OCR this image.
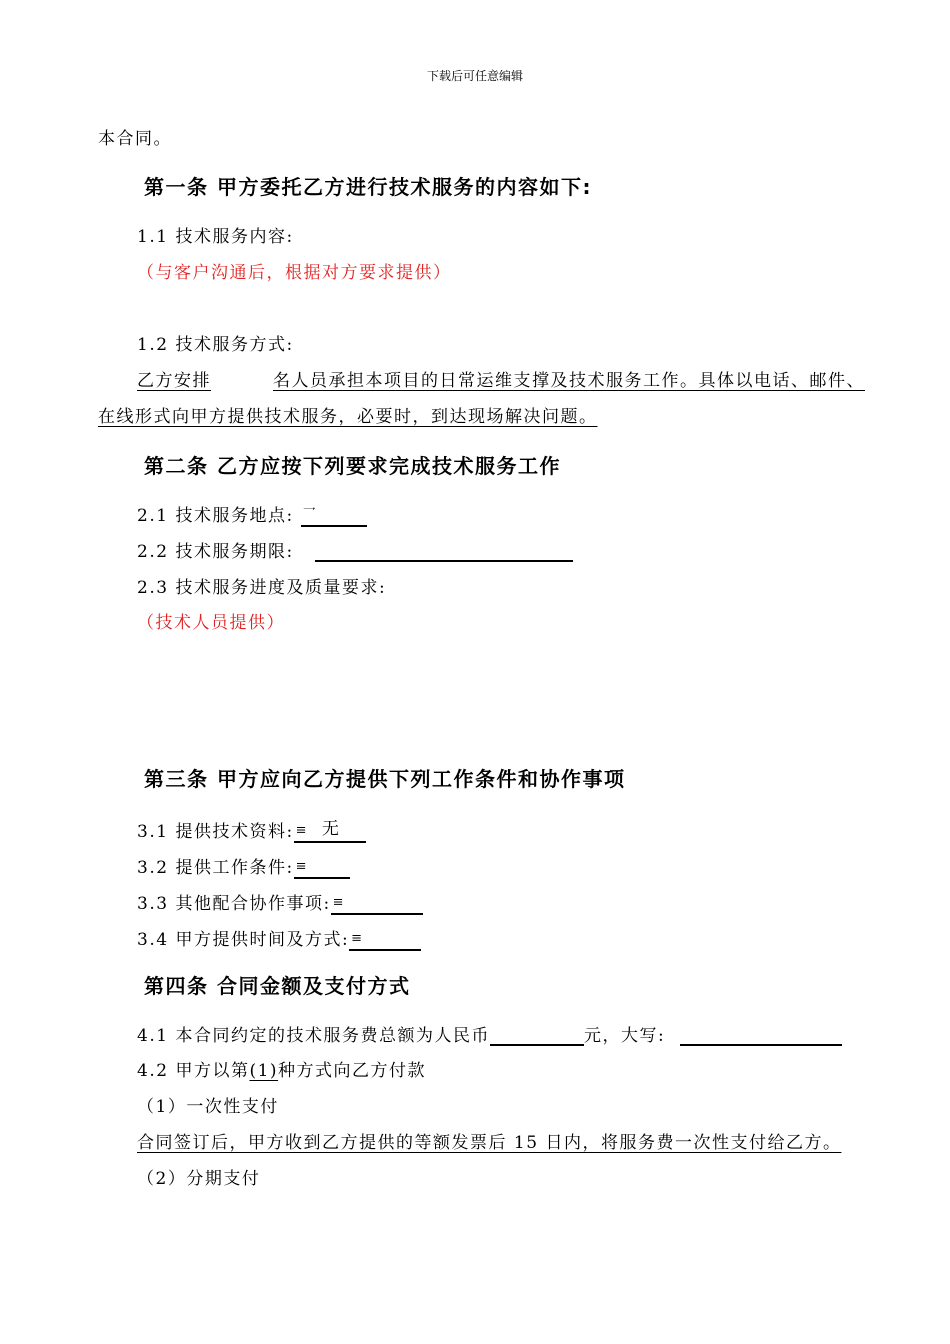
下载后可任意编辑
本合同。
第一条 甲方委托乙方进行技术服务的内容如下:
1.1 技术服务内容:
（与客户沟通后，根据对方要求提供）
1.2 技术服务方式:
乙方安排	名人员承担本项目的日常运维支撑及技术服务工作。具体以电话、邮件、
在线形式向甲方提供技术服务，必要时，到达现场解决问题。
第二条 乙方应按下列要求完成技术服务工作
2.1 技术服务地点: 乛
2.2 技术服务期限:
2.3 技术服务进度及质量要求:
（技术人员提供）
第三条 甲方应向乙方提供下列工作条件和协作事项
3.1 提供技术资料: ≡ 无
3.2 提供工作条件: ≡
3.3 其他配合协作事项: ≡
3.4 甲方提供时间及方式: ≡
第四条 合同金额及支付方式
4.1 本合同约定的技术服务费总额为人民币	元，大写:
4.2 甲方以第(1)种方式向乙方付款
（1）一次性支付
合同签订后，甲方收到乙方提供的等额发票后 15 日内，将服务费一次性支付给乙方。
（2）分期支付
